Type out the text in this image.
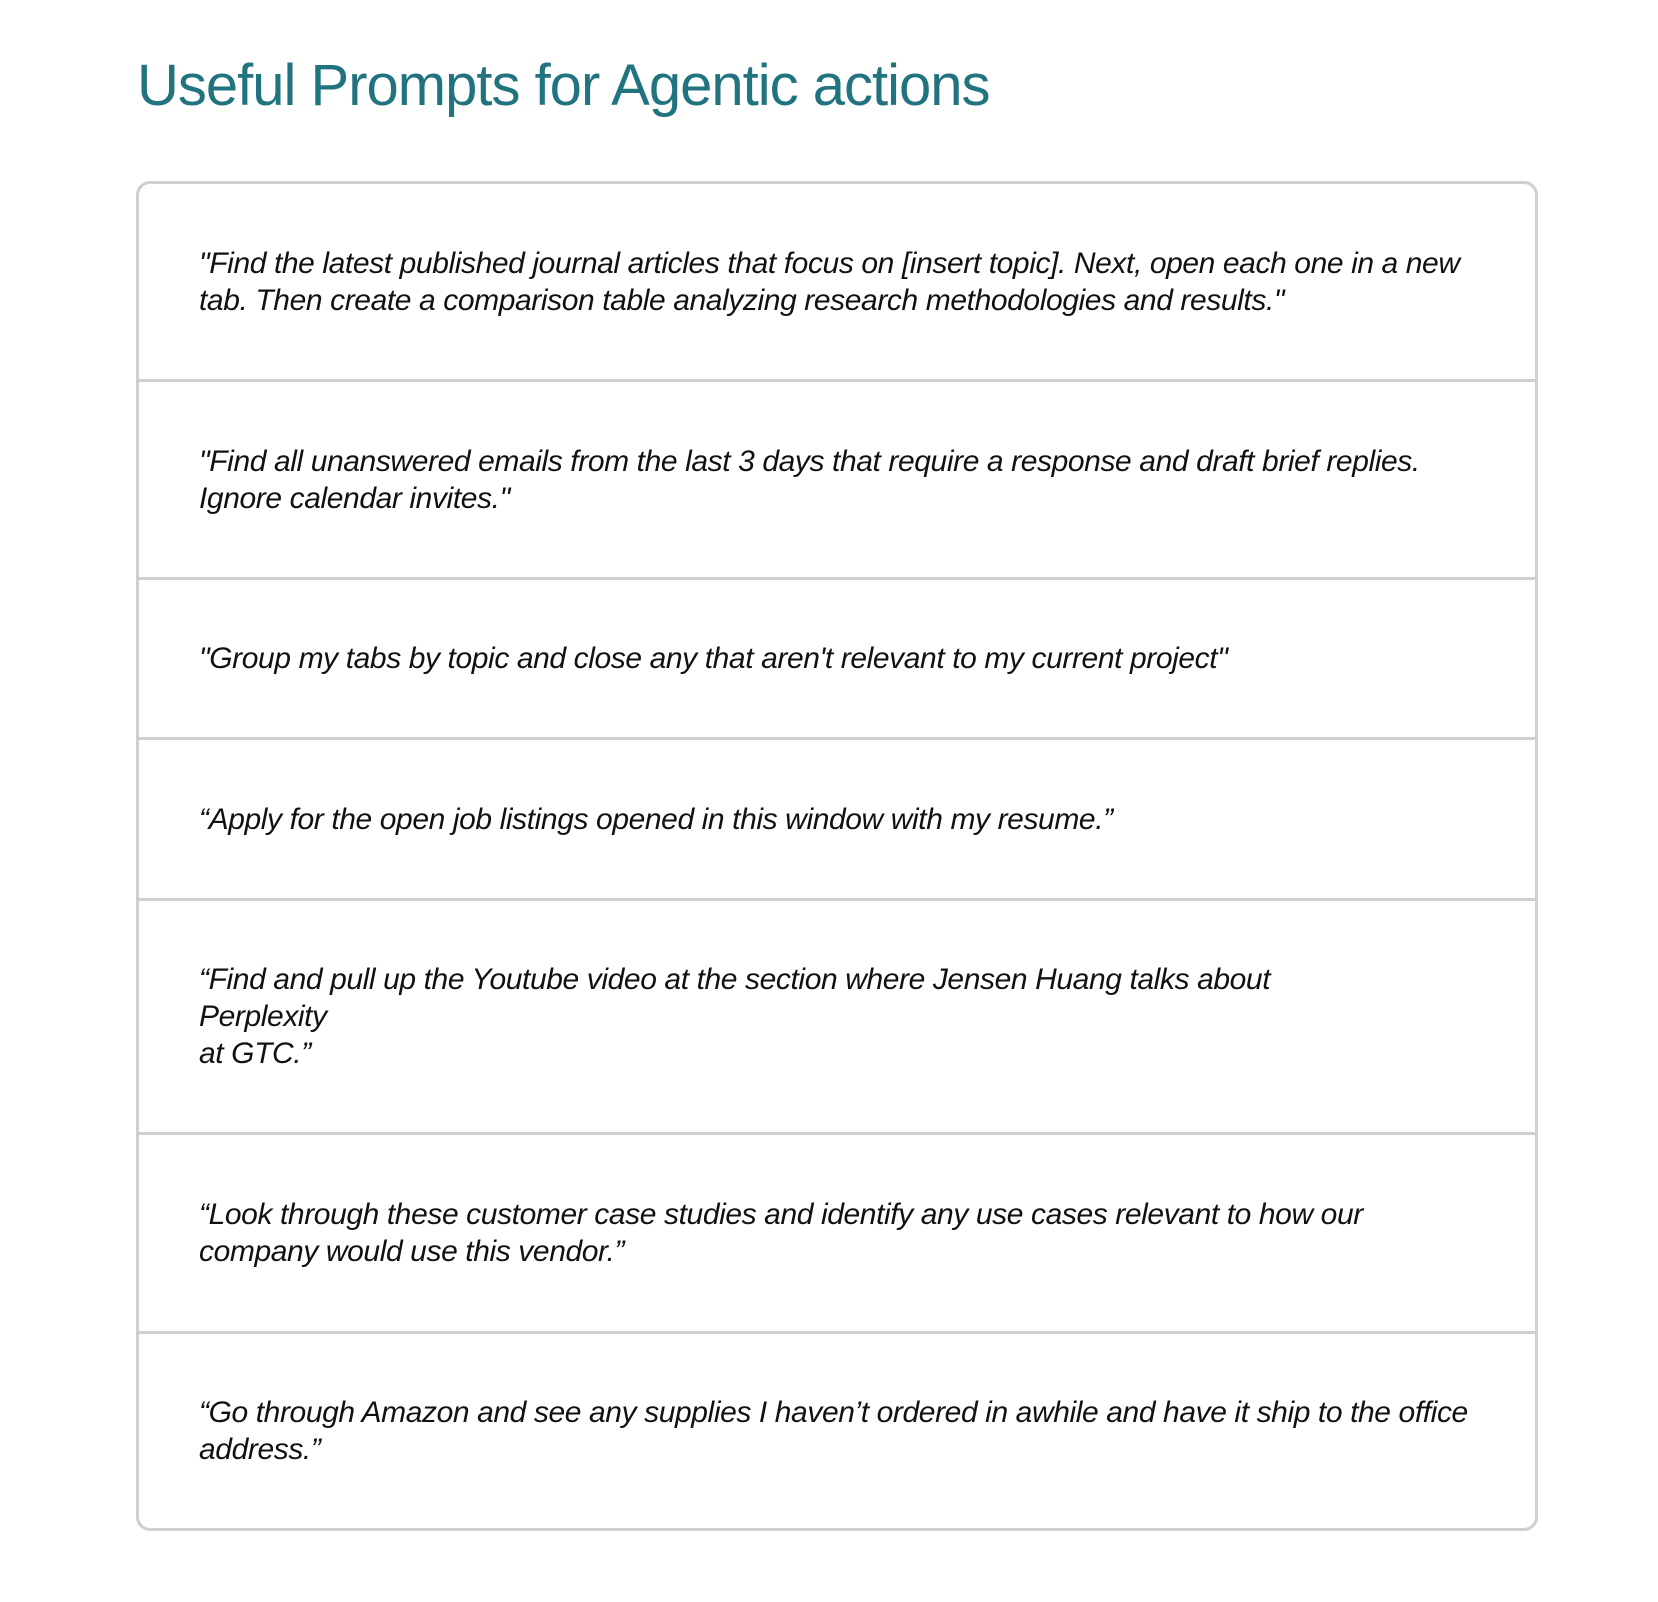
Useful Prompts for Agentic actions
"Find the latest published journal articles that focus on [insert topic]. Next, open each one in a new tab. Then create a comparison table analyzing research methodologies and results."
"Find all unanswered emails from the last 3 days that require a response and draft brief replies. Ignore calendar invites."
"Group my tabs by topic and close any that aren't relevant to my current project"
“Apply for the open job listings opened in this window with my resume.”
“Find and pull up the Youtube video at the section where Jensen Huang talks about
Perplexity
at GTC.”
“Look through these customer case studies and identify any use cases relevant to how our company would use this vendor.”
“Go through Amazon and see any supplies I haven’t ordered in awhile and have it ship to the office address.”
